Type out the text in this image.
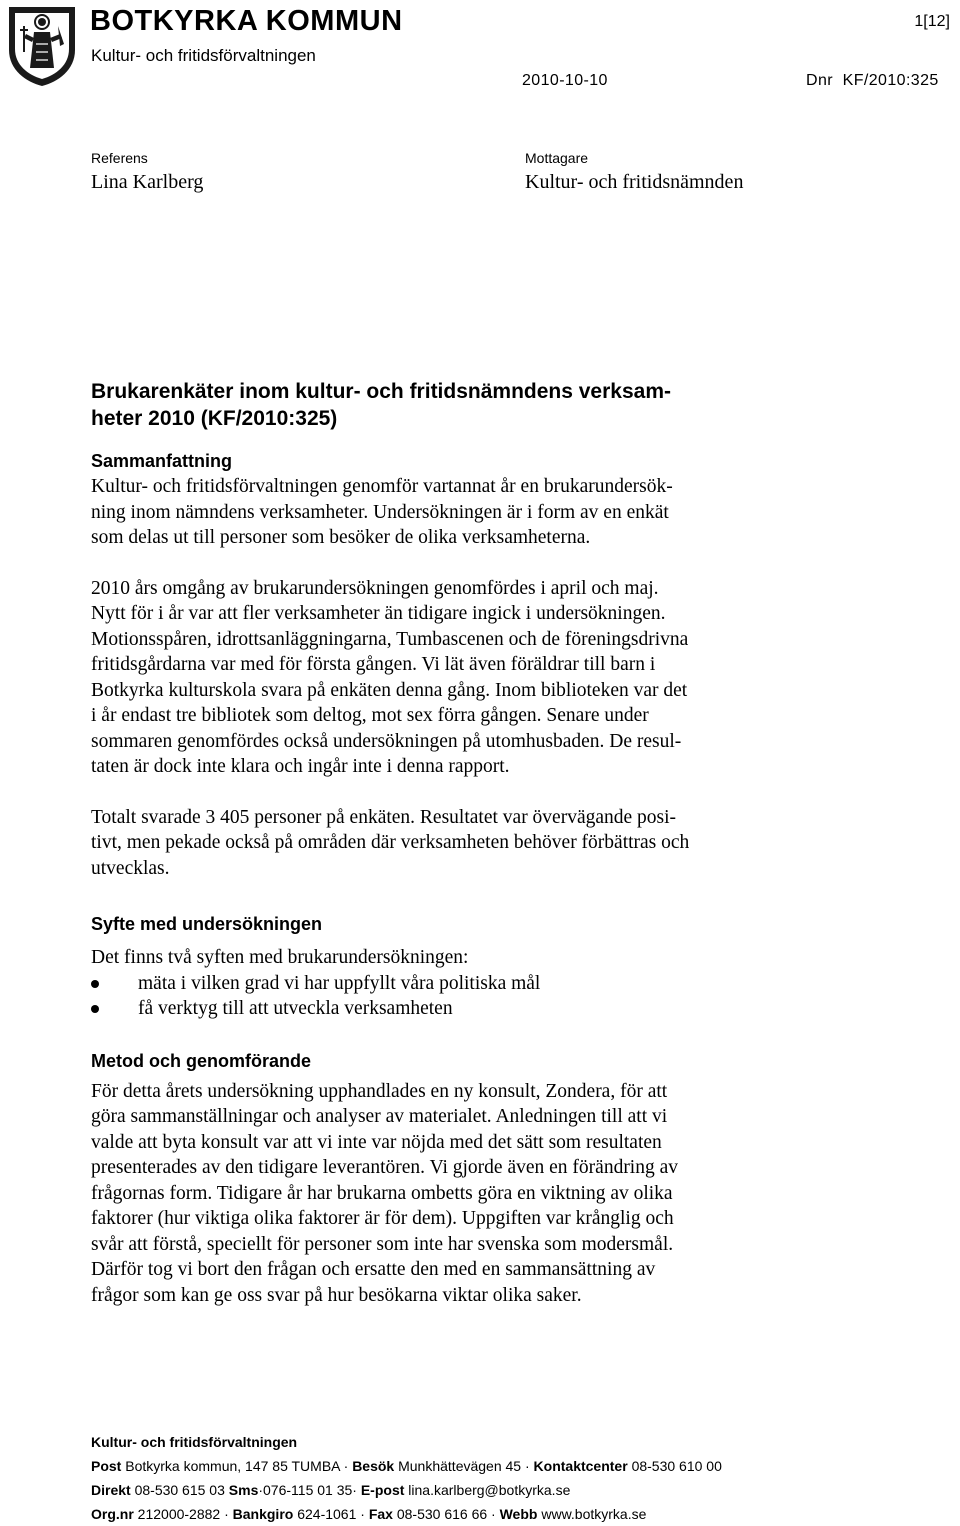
BOTKYRKA KOMMUN
Kultur- och fritidsförvaltningen
1[12]
2010-10-10	Dnr  KF/2010:325
Referens
Lina Karlberg
Mottagare
Kultur- och fritidsnämnden
Brukarenkäter inom kultur- och fritidsnämndens verksam-
heter 2010 (KF/2010:325)
Sammanfattning

Kultur- och fritidsförvaltningen genomför vartannat år en brukarundersök-
ning inom nämndens verksamheter. Undersökningen är i form av en enkät
som delas ut till personer som besöker de olika verksamheterna.

2010 års omgång av brukarundersökningen genomfördes i april och maj.
Nytt för i år var att fler verksamheter än tidigare ingick i undersökningen.
Motionsspåren, idrottsanläggningarna, Tumbascenen och de föreningsdrivna
fritidsgårdarna var med för första gången. Vi lät även föräldrar till barn i
Botkyrka kulturskola svara på enkäten denna gång. Inom biblioteken var det
i år endast tre bibliotek som deltog, mot sex förra gången. Senare under
sommaren genomfördes också undersökningen på utomhusbaden. De resul-
taten är dock inte klara och ingår inte i denna rapport.

Totalt svarade 3 405 personer på enkäten. Resultatet var övervägande posi-
tivt, men pekade också på områden där verksamheten behöver förbättras och
utvecklas.

Syfte med undersökningen

Det finns två syften med brukarundersökningen:

mäta i vilken grad vi har uppfyllt våra politiska mål
få verktyg till att utveckla verksamheten
Metod och genomförande

För detta årets undersökning upphandlades en ny konsult, Zondera, för att
göra sammanställningar och analyser av materialet. Anledningen till att vi
valde att byta konsult var att vi inte var nöjda med det sätt som resultaten
presenterades av den tidigare leverantören. Vi gjorde även en förändring av
frågornas form. Tidigare år har brukarna ombetts göra en viktning av olika
faktorer (hur viktiga olika faktorer är för dem). Uppgiften var krånglig och
svår att förstå, speciellt för personer som inte har svenska som modersmål.
Därför tog vi bort den frågan och ersatte den med en sammansättning av
frågor som kan ge oss svar på hur besökarna viktar olika saker.

Kultur- och fritidsförvaltningen
Post Botkyrka kommun, 147 85 TUMBA · Besök Munkhättevägen 45 · Kontaktcenter 08-530 610 00
Direkt 08-530 615 03 Sms·076-115 01 35· E-post lina.karlberg@botkyrka.se
Org.nr 212000-2882 · Bankgiro 624-1061 · Fax 08-530 616 66 · Webb www.botkyrka.se
